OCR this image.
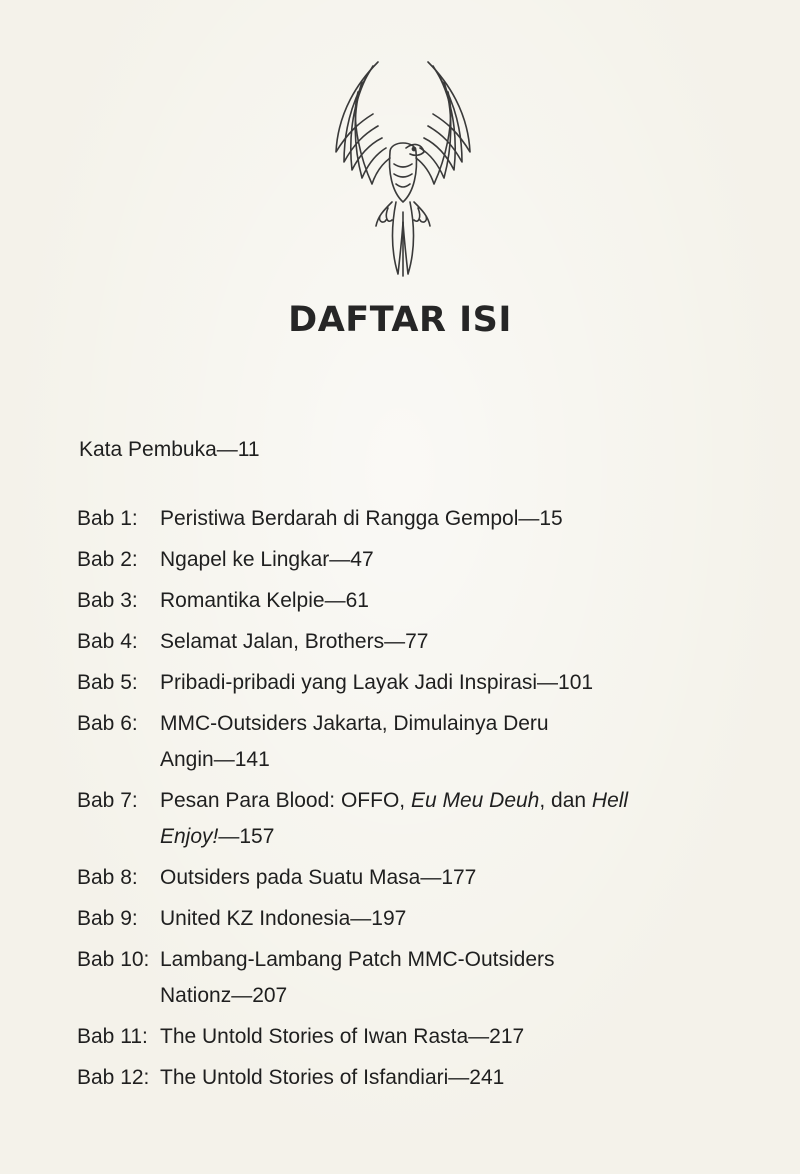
DAFTAR ISI
Kata Pembuka—11
Bab 1: Peristiwa Berdarah di Rangga Gempol—15
Bab 2: Ngapel ke Lingkar—47
Bab 3: Romantika Kelpie—61
Bab 4: Selamat Jalan, Brothers—77
Bab 5: Pribadi-pribadi yang Layak Jadi Inspirasi—101
Bab 6: MMC-Outsiders Jakarta, Dimulainya Deru
Angin—141
Bab 7: Pesan Para Blood: OFFO, Eu Meu Deuh, dan Hell
Enjoy!—157
Bab 8: Outsiders pada Suatu Masa—177
Bab 9: United KZ Indonesia—197
Bab 10: Lambang-Lambang Patch MMC-Outsiders
Nationz—207
Bab 11: The Untold Stories of Iwan Rasta—217
Bab 12: The Untold Stories of Isfandiari—241
